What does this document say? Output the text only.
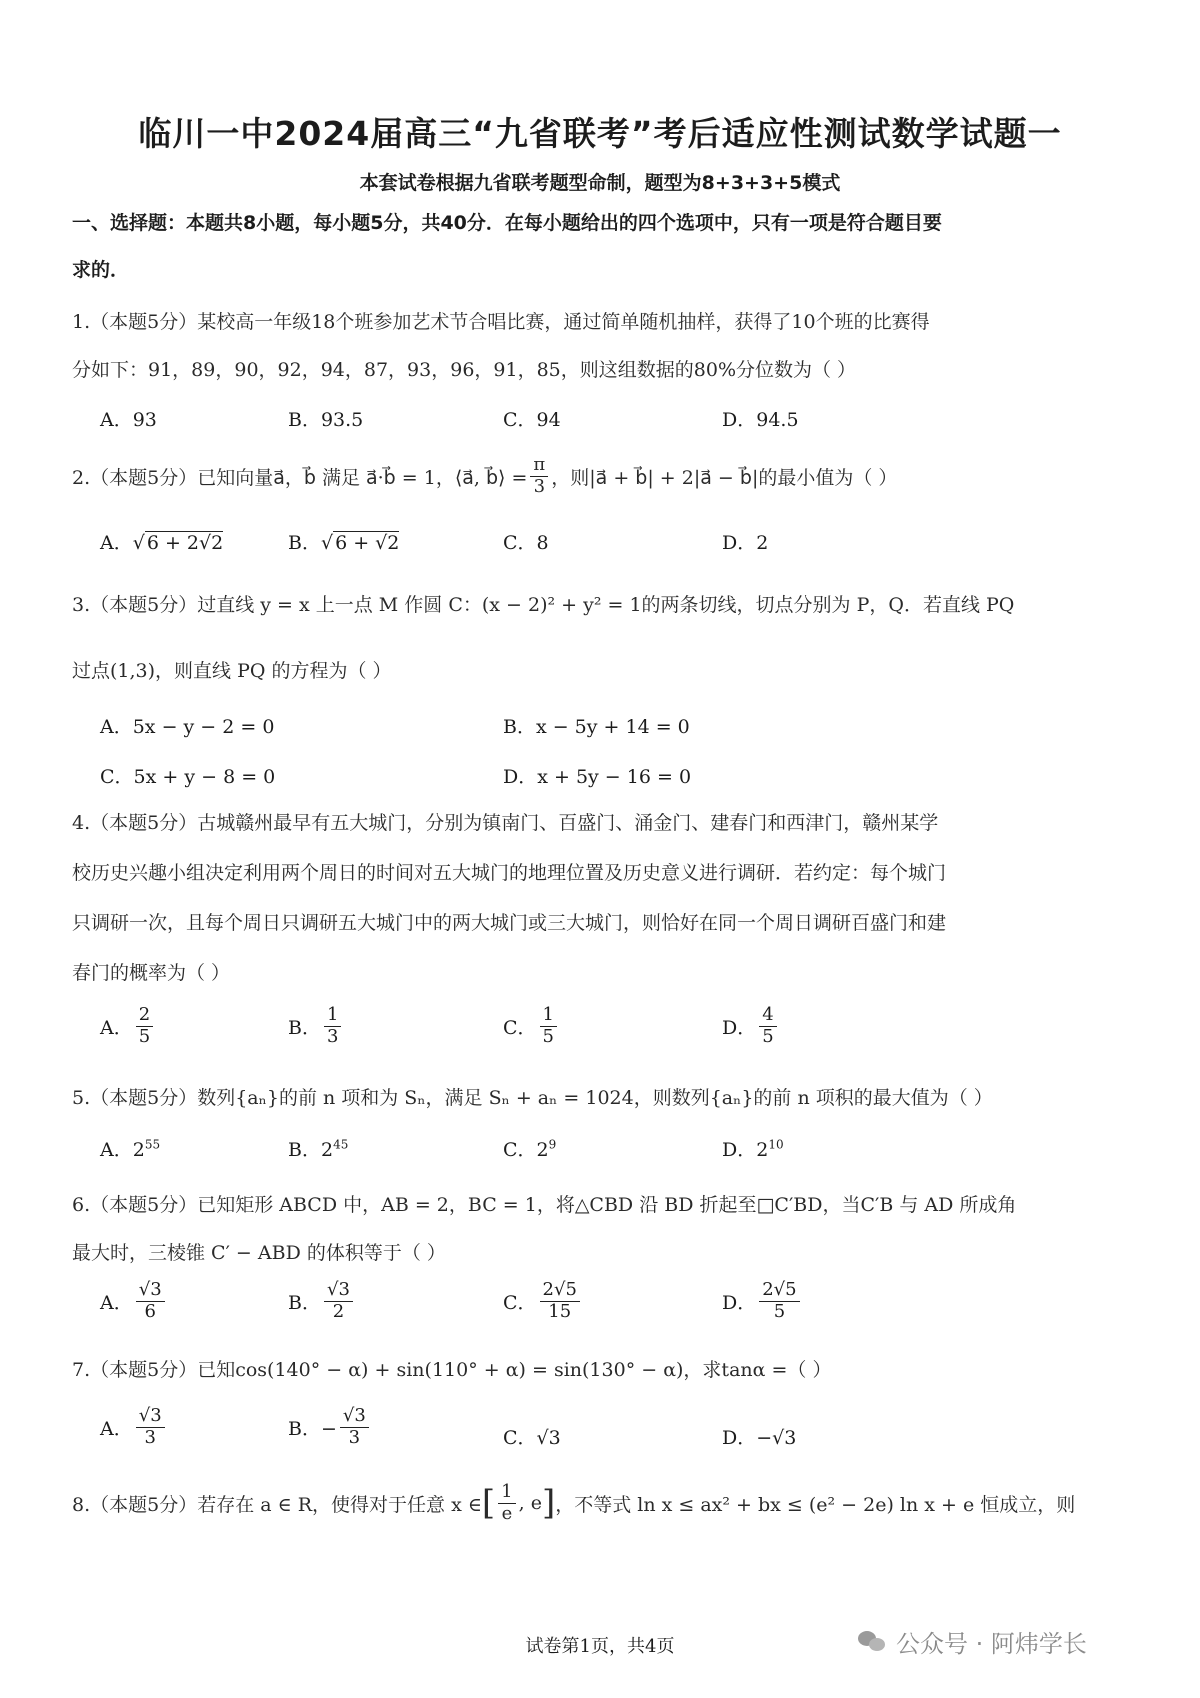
临川一中2024届高三“九省联考”考后适应性测试数学试题一
本套试卷根据九省联考题型命制，题型为8+3+3+5模式
一、选择题：本题共8小题，每小题5分，共40分．在每小题给出的四个选项中，只有一项是符合题目要
求的．
1.（本题5分）某校高一年级18个班参加艺术节合唱比赛，通过简单随机抽样，获得了10个班的比赛得
分如下：91，89，90，92，94，87，93，96，91，85，则这组数据的80%分位数为（ ）
A．93	B．93.5	C．94	D．94.5
2.（本题5分）已知向量 a⃗，b⃗ 满足 a⃗·b⃗ = 1，⟨a⃗, b⃗⟩ = $\frac{\pi}{3}$ ，则|a⃗ + b⃗| + 2|a⃗ − b⃗|的最小值为（ ）
A．√ 6 + 2√2	B．√ 6 + √2	C．8	D．2
3.（本题5分）过直线 y = x 上一点 M 作圆 C：(x − 2)² + y² = 1的两条切线，切点分别为 P，Q．若直线 PQ
过点(1,3)，则直线 PQ 的方程为（ ）
A．5x − y − 2 = 0	B．x − 5y + 14 = 0
C．5x + y − 8 = 0	D．x + 5y − 16 = 0
4.（本题5分）古城赣州最早有五大城门，分别为镇南门、百盛门、涌金门、建春门和西津门，赣州某学
校历史兴趣小组决定利用两个周日的时间对五大城门的地理位置及历史意义进行调研．若约定：每个城门
只调研一次，且每个周日只调研五大城门中的两大城门或三大城门，则恰好在同一个周日调研百盛门和建
春门的概率为（ ）
A． $\frac{2}{5}$	B． $\frac{1}{3}$	C． $\frac{1}{5}$	D． $\frac{4}{5}$
5.（本题5分）数列{aₙ}的前 n 项和为 Sₙ，满足 Sₙ + aₙ = 1024，则数列{aₙ}的前 n 项积的最大值为（ ）
A．$2^{55}$	B．$2^{45}$	C．$2^9$	D．$2^{10}$
6.（本题5分）已知矩形 ABCD 中，AB = 2，BC = 1，将△CBD 沿 BD 折起至□C′BD，当C′B 与 AD 所成角
最大时，三棱锥 C′ − ABD 的体积等于（ ）
A． $\frac{√3}{6}$	B． $\frac{√3}{2}$	C． $\frac{2√5}{15}$	D． $\frac{2√5}{5}$
7.（本题5分）已知cos(140° − α) + sin(110° + α) = sin(130° − α)，求tanα =（ ）
A． $\frac{√3}{3}$	B．− $\frac{√3}{3}$	C．√3	D．−√3
8.（本题5分）若存在 a ∈ R，使得对于任意 x ∈ [ $\frac{1}{e}$ , e ] ，不等式 ln x ≤ ax² + bx ≤ (e² − 2e) ln x + e 恒成立，则
试卷第1页，共4页	公众号 · 阿炜学长
